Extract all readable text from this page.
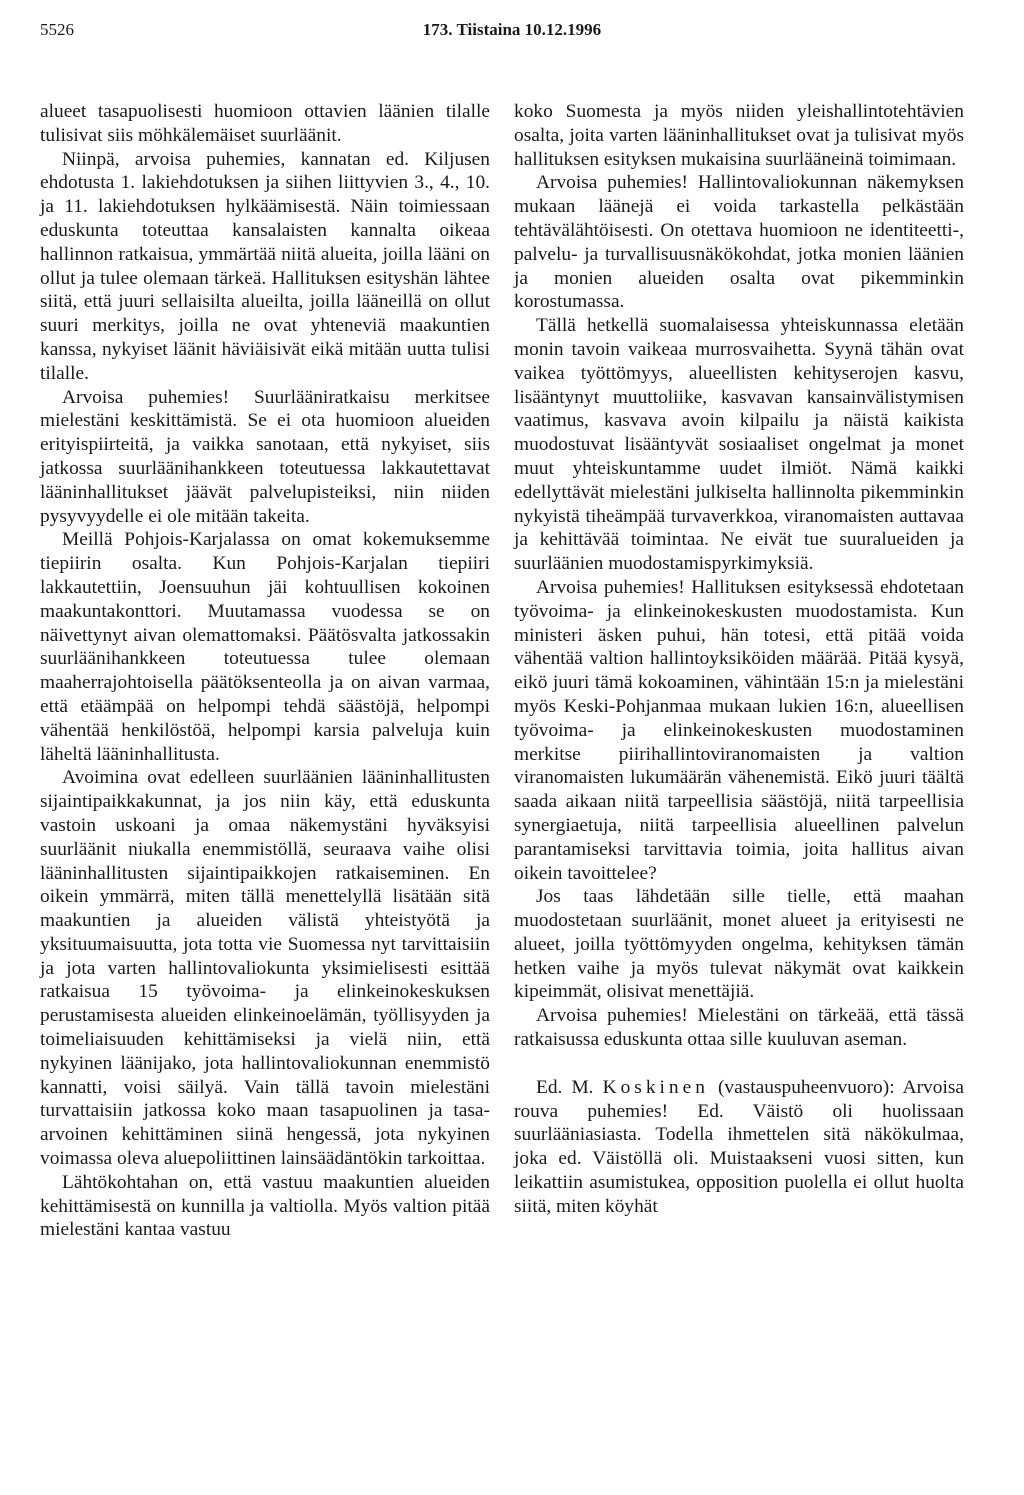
5526	173. Tiistaina 10.12.1996

alueet tasapuolisesti huomioon ottavien läänien tilalle tulisivat siis möhkälemäiset suurläänit.

Niinpä, arvoisa puhemies, kannatan ed. Kiljusen ehdotusta 1. lakiehdotuksen ja siihen liittyvien 3., 4., 10. ja 11. lakiehdotuksen hylkäämisestä. Näin toimiessaan eduskunta toteuttaa kansalaisten kannalta oikeaa hallinnon ratkaisua, ymmärtää niitä alueita, joilla lääni on ollut ja tulee olemaan tärkeä. Hallituksen esityshän lähtee siitä, että juuri sellaisilta alueilta, joilla lääneillä on ollut suuri merkitys, joilla ne ovat yhteneviä maakuntien kanssa, nykyiset läänit häviäisivät eikä mitään uutta tulisi tilalle.

Arvoisa puhemies! Suurlääniratkaisu merkitsee mielestäni keskittämistä. Se ei ota huomioon alueiden erityispiirteitä, ja vaikka sanotaan, että nykyiset, siis jatkossa suurläänihankkeen toteutuessa lakkautettavat lääninhallitukset jäävät palvelupisteiksi, niin niiden pysyvyydelle ei ole mitään takeita.

Meillä Pohjois-Karjalassa on omat kokemuksemme tiepiirin osalta. Kun Pohjois-Karjalan tiepiiri lakkautettiin, Joensuuhun jäi kohtuullisen kokoinen maakuntakonttori. Muutamassa vuodessa se on näivettynyt aivan olemattomaksi. Päätösvalta jatkossakin suurläänihankkeen toteutuessa tulee olemaan maaherrajohtoisella päätöksenteolla ja on aivan varmaa, että etäämpää on helpompi tehdä säästöjä, helpompi vähentää henkilöstöä, helpompi karsia palveluja kuin läheltä lääninhallitusta.

Avoimina ovat edelleen suurläänien lääninhallitusten sijaintipaikkakunnat, ja jos niin käy, että eduskunta vastoin uskoani ja omaa näkemystäni hyväksyisi suurläänit niukalla enemmistöllä, seuraava vaihe olisi lääninhallitusten sijaintipaikkojen ratkaiseminen. En oikein ymmärrä, miten tällä menettelyllä lisätään sitä maakuntien ja alueiden välistä yhteistyötä ja yksituumaisuutta, jota totta vie Suomessa nyt tarvittaisiin ja jota varten hallintovaliokunta yksimielisesti esittää ratkaisua 15 työvoima- ja elinkeinokeskuksen perustamisesta alueiden elinkeinoelämän, työllisyyden ja toimeliaisuuden kehittämiseksi ja vielä niin, että nykyinen läänijako, jota hallintovaliokunnan enemmistö kannatti, voisi säilyä. Vain tällä tavoin mielestäni turvattaisiin jatkossa koko maan tasapuolinen ja tasa-arvoinen kehittäminen siinä hengessä, jota nykyinen voimassa oleva aluepoliittinen lainsäädäntökin tarkoittaa.

Lähtökohtahan on, että vastuu maakuntien alueiden kehittämisestä on kunnilla ja valtiolla. Myös valtion pitää mielestäni kantaa vastuu

koko Suomesta ja myös niiden yleishallintotehtävien osalta, joita varten lääninhallitukset ovat ja tulisivat myös hallituksen esityksen mukaisina suurlääneinä toimimaan.

Arvoisa puhemies! Hallintovaliokunnan näkemyksen mukaan läänejä ei voida tarkastella pelkästään tehtävälähtöisesti. On otettava huomioon ne identiteetti-, palvelu- ja turvallisuusnäkökohdat, jotka monien läänien ja monien alueiden osalta ovat pikemminkin korostumassa.

Tällä hetkellä suomalaisessa yhteiskunnassa eletään monin tavoin vaikeaa murrosvaihetta. Syynä tähän ovat vaikea työttömyys, alueellisten kehityserojen kasvu, lisääntynyt muuttoliike, kasvavan kansainvälistymisen vaatimus, kasvava avoin kilpailu ja näistä kaikista muodostuvat lisääntyvät sosiaaliset ongelmat ja monet muut yhteiskuntamme uudet ilmiöt. Nämä kaikki edellyttävät mielestäni julkiselta hallinnolta pikemminkin nykyistä tiheämpää turvaverkkoa, viranomaisten auttavaa ja kehittävää toimintaa. Ne eivät tue suuralueiden ja suurläänien muodostamispyrkimyksiä.

Arvoisa puhemies! Hallituksen esityksessä ehdotetaan työvoima- ja elinkeinokeskusten muodostamista. Kun ministeri äsken puhui, hän totesi, että pitää voida vähentää valtion hallintoyksiköiden määrää. Pitää kysyä, eikö juuri tämä kokoaminen, vähintään 15:n ja mielestäni myös Keski-Pohjanmaa mukaan lukien 16:n, alueellisen työvoima- ja elinkeinokeskusten muodostaminen merkitse piirihallintoviranomaisten ja valtion viranomaisten lukumäärän vähenemistä. Eikö juuri täältä saada aikaan niitä tarpeellisia säästöjä, niitä tarpeellisia synergiaetuja, niitä tarpeellisia alueellinen palvelun parantamiseksi tarvittavia toimia, joita hallitus aivan oikein tavoittelee?

Jos taas lähdetään sille tielle, että maahan muodostetaan suurläänit, monet alueet ja erityisesti ne alueet, joilla työttömyyden ongelma, kehityksen tämän hetken vaihe ja myös tulevat näkymät ovat kaikkein kipeimmät, olisivat menettäjiä.

Arvoisa puhemies! Mielestäni on tärkeää, että tässä ratkaisussa eduskunta ottaa sille kuuluvan aseman.

Ed. M. Koskinen (vastauspuheenvuoro): Arvoisa rouva puhemies! Ed. Väistö oli huolissaan suurlääniasiasta. Todella ihmettelen sitä näkökulmaa, joka ed. Väistöllä oli. Muistaakseni vuosi sitten, kun leikattiin asumistukea, opposition puolella ei ollut huolta siitä, miten köyhät
